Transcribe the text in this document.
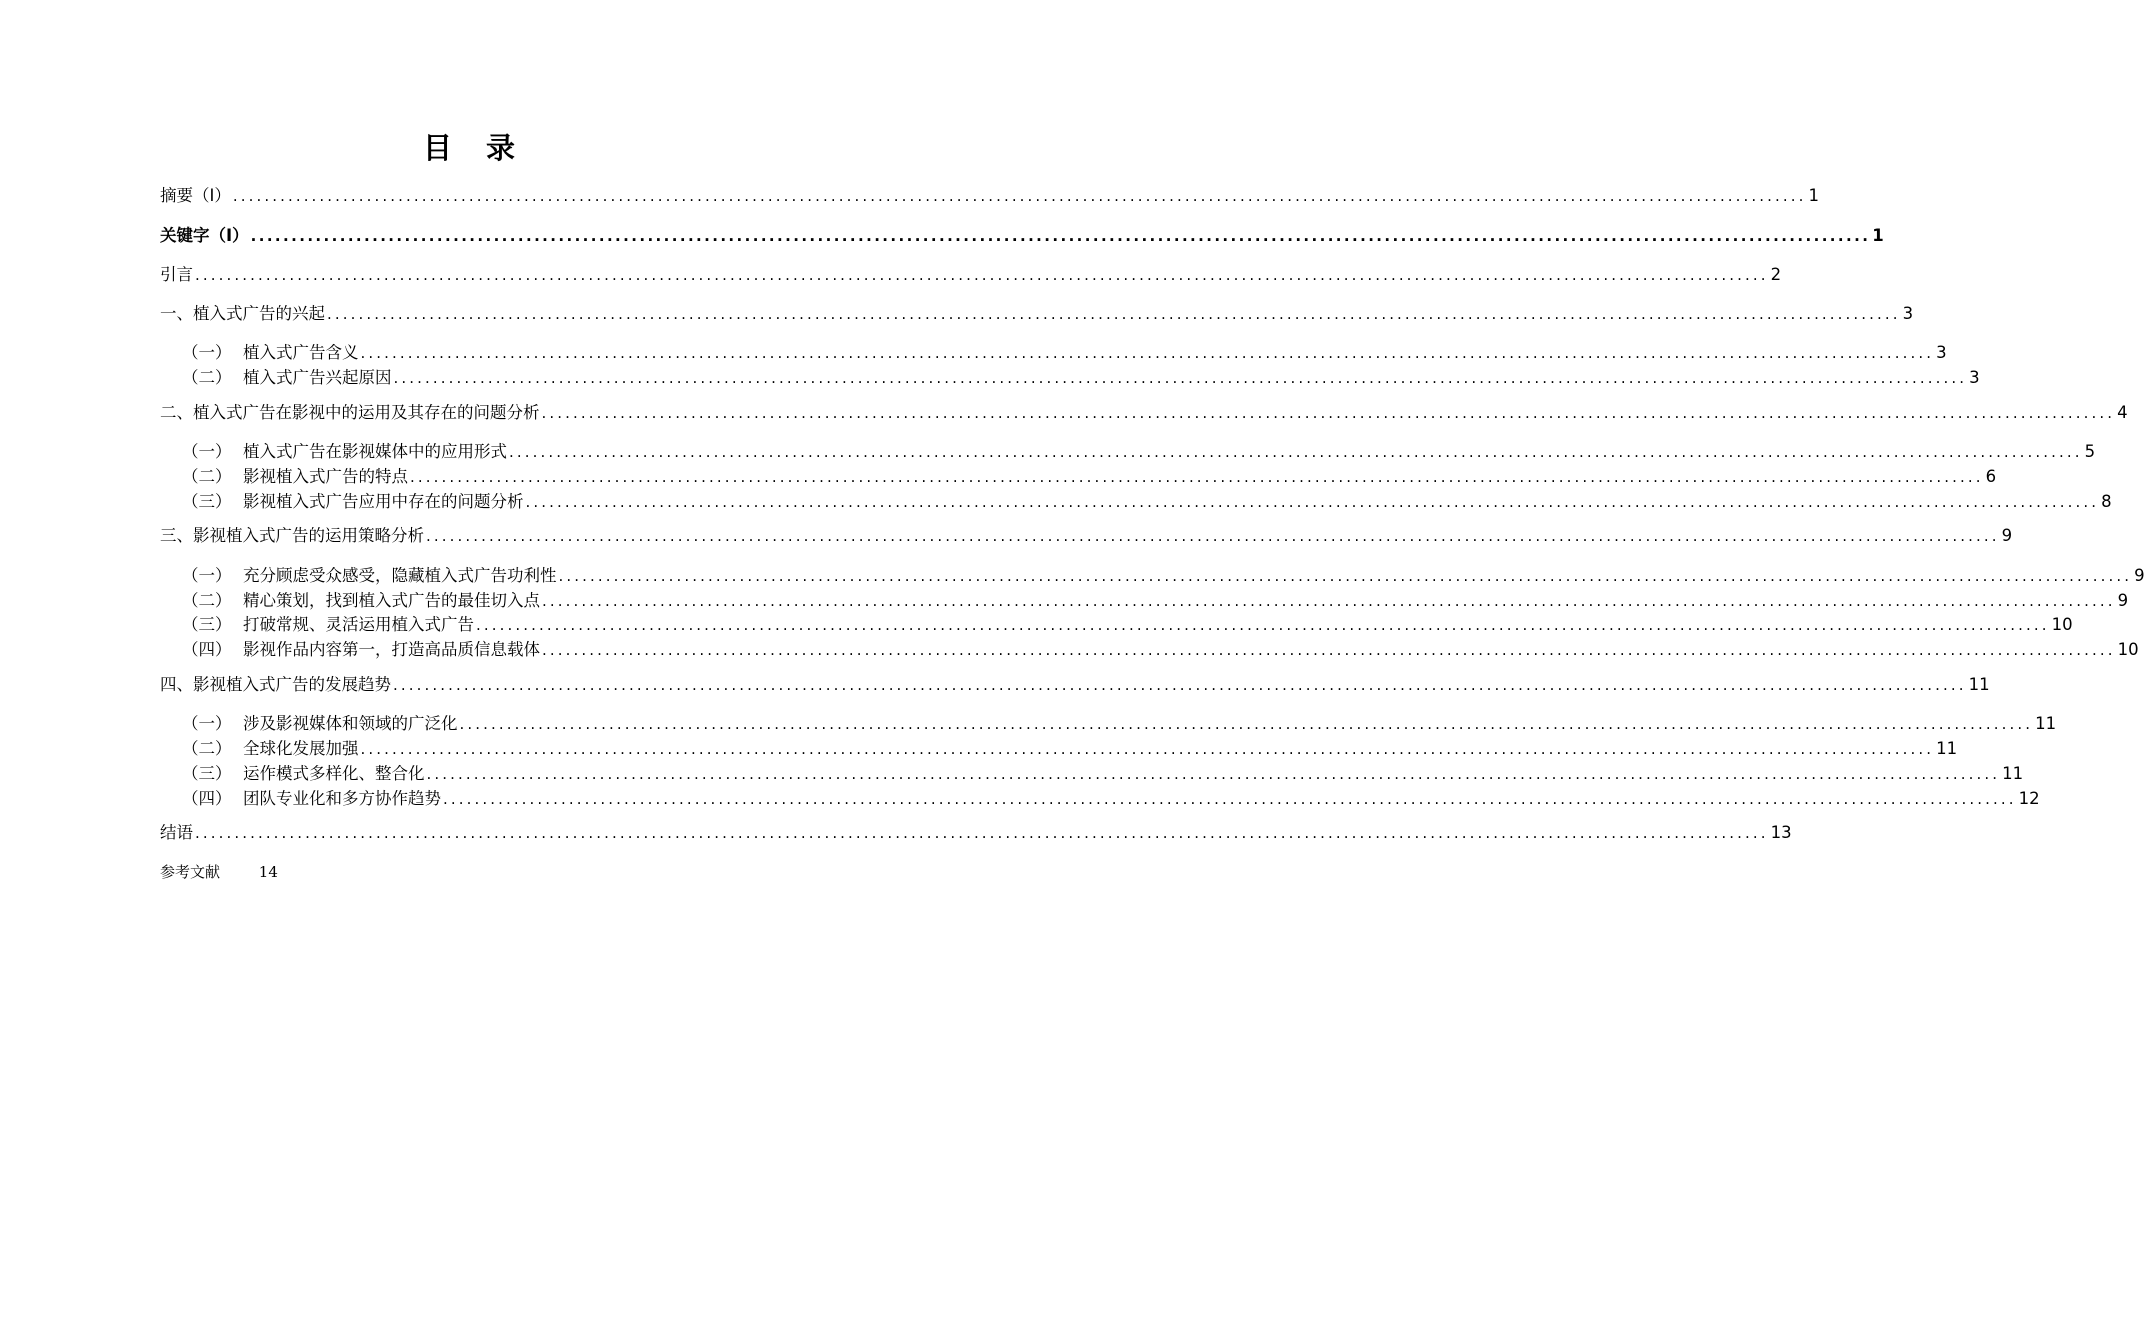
目 录
摘要（Ⅰ） ........................................................................................................................................................................................................ 1
关键字（Ⅰ） ........................................................................................................................................................................................................ 1
引言 ........................................................................................................................................................................................................ 2
一、植入式广告的兴起 ........................................................................................................................................................................................................ 3
（一） 植入式广告含义 ........................................................................................................................................................................................................ 3
（二） 植入式广告兴起原因 ........................................................................................................................................................................................................ 3
二、植入式广告在影视中的运用及其存在的问题分析 ........................................................................................................................................................................................................ 4
（一） 植入式广告在影视媒体中的应用形式 ........................................................................................................................................................................................................ 5
（二） 影视植入式广告的特点 ........................................................................................................................................................................................................ 6
（三） 影视植入式广告应用中存在的问题分析 ........................................................................................................................................................................................................ 8
三、影视植入式广告的运用策略分析 ........................................................................................................................................................................................................ 9
（一） 充分顾虑受众感受，隐藏植入式广告功利性 ........................................................................................................................................................................................................ 9
（二） 精心策划，找到植入式广告的最佳切入点 ........................................................................................................................................................................................................ 9
（三） 打破常规、灵活运用植入式广告 ........................................................................................................................................................................................................ 10
（四） 影视作品内容第一，打造高品质信息载体 ........................................................................................................................................................................................................ 10
四、影视植入式广告的发展趋势 ........................................................................................................................................................................................................ 11
（一） 涉及影视媒体和领域的广泛化 ........................................................................................................................................................................................................ 11
（二） 全球化发展加强 ........................................................................................................................................................................................................ 11
（三） 运作模式多样化、整合化 ........................................................................................................................................................................................................ 11
（四） 团队专业化和多方协作趋势 ........................................................................................................................................................................................................ 12
结语 ........................................................................................................................................................................................................ 13
参考文献	14
